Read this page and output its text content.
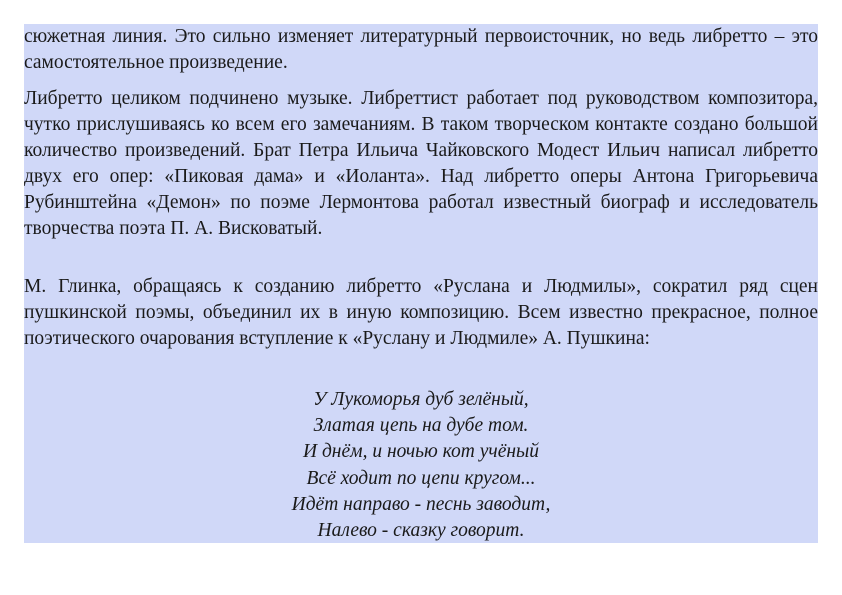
сюжетная линия. Это сильно изменяет литературный первоисточник, но ведь либретто – это самостоятельное произведение.

Либретто целиком подчинено музыке. Либреттист работает под руководством композитора, чутко прислушиваясь ко всем его замечаниям. В таком творческом контакте создано большой количество произведений. Брат Петра Ильича Чайковского Модест Ильич написал либретто двух его опер: «Пиковая дама» и «Иоланта». Над либретто оперы Антона Григорьевича Рубинштейна «Демон» по поэме Лермонтова работал известный биограф и исследователь творчества поэта П. А. Висковатый.

М. Глинка, обращаясь к созданию либретто «Руслана и Людмилы», сократил ряд сцен пушкинской поэмы, объединил их в иную композицию. Всем известно прекрасное, полное поэтического очарования вступление к «Руслану и Людмиле» А. Пушкина:

У Лукоморья дуб зелёный,
Златая цепь на дубе том.
И днём, и ночью кот учёный
Всё ходит по цепи кругом...
Идёт направо - песнь заводит,
Налево - сказку говорит.
